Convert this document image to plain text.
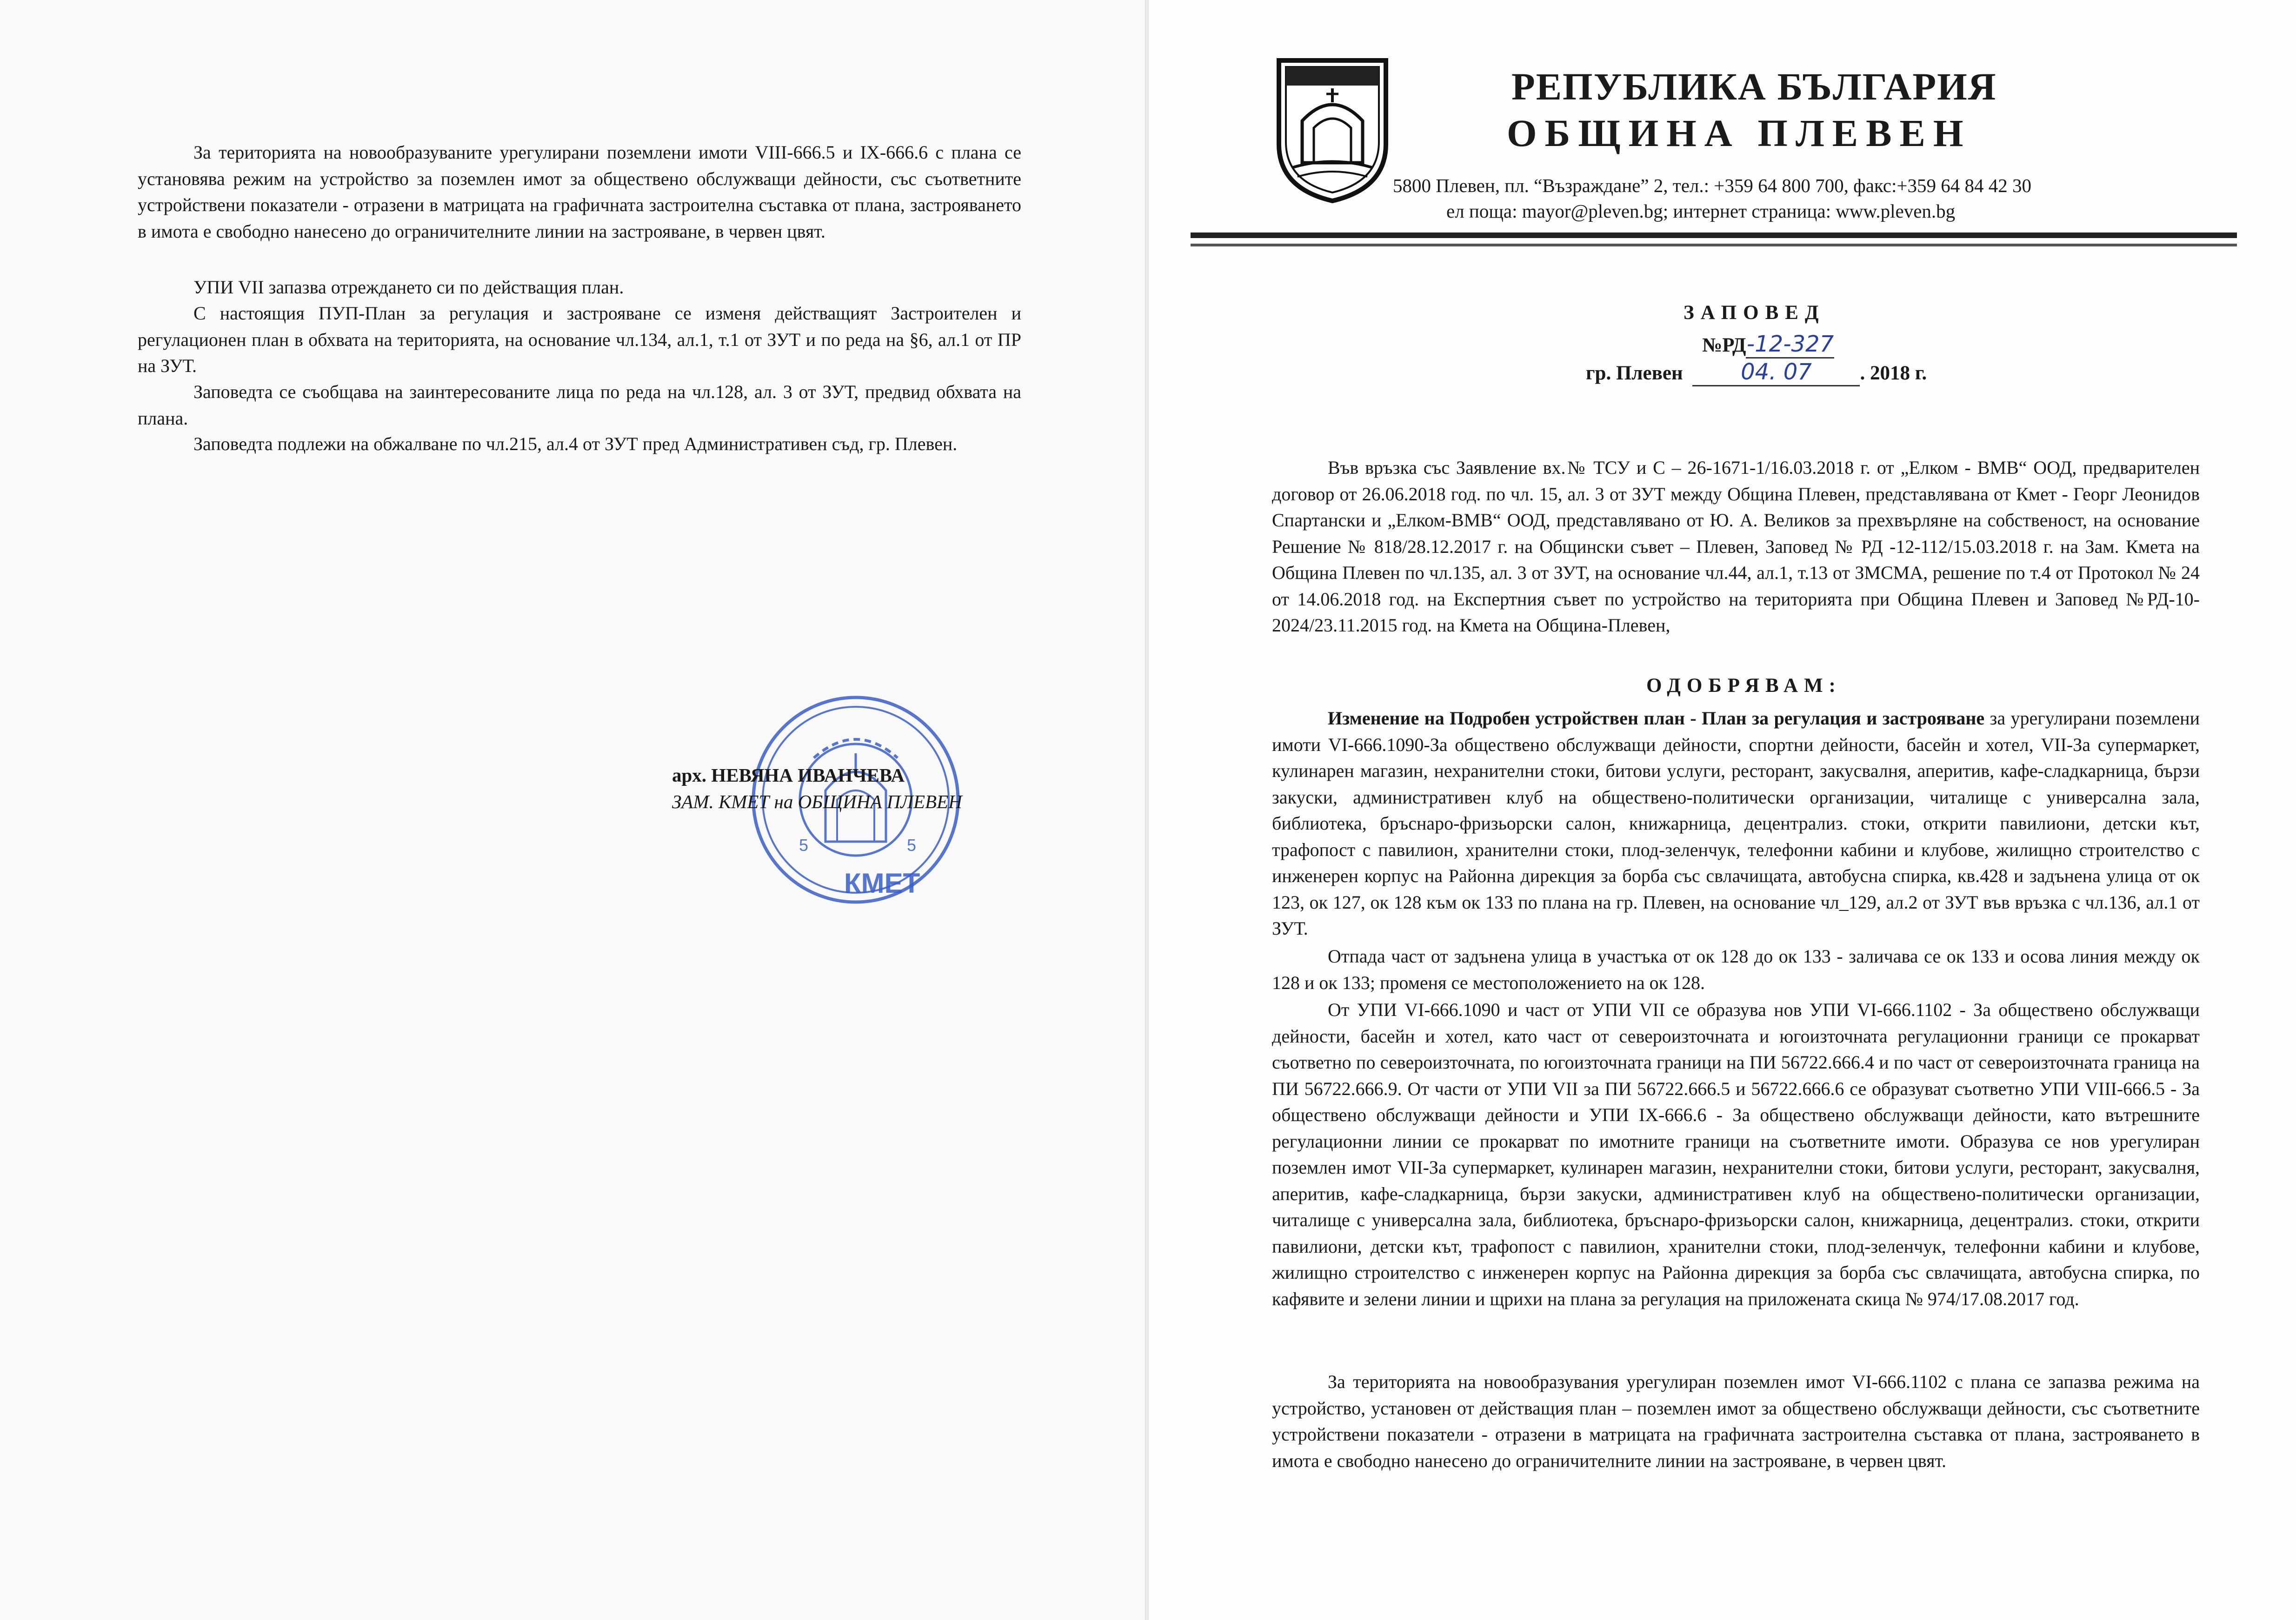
За територията на новообразуваните урегулирани поземлени имоти VIII-666.5 и IX-666.6 с плана се установява режим на устройство за поземлен имот за обществено обслужващи дейности, със съответните устройствени показатели - отразени в матрицата на графичната застроителна съставка от плана, застрояването в имота е свободно нанесено до ограничителните линии на застрояване, в червен цвят.

УПИ VII запазва отреждането си по действащия план.

С настоящия ПУП-План за регулация и застрояване се изменя действащият Застроителен и регулационен план в обхвата на територията, на основание чл.134, ал.1, т.1 от ЗУТ и по реда на §6, ал.1 от ПР на ЗУТ.

Заповедта се съобщава на заинтересованите лица по реда на чл.128, ал. 3 от ЗУТ, предвид обхвата на плана.

Заповедта подлежи на обжалване по чл.215, ал.4 от ЗУТ пред Административен съд, гр. Плевен.

КМЕТ
5	5
арх. НЕВЯНА ИВАНЧЕВА
ЗАМ. КМЕТ на ОБЩИНА ПЛЕВЕН
РЕПУБЛИКА БЪЛГАРИЯ
ОБЩИНА ПЛЕВЕН
5800 Плевен, пл. “Възраждане” 2, тел.: +359 64 800 700, факс:+359 64 84 42 30
ел поща: mayor@pleven.bg; интернет страница: www.pleven.bg
ЗАПОВЕД
№РД-12-327
гр. Плевен	04. 07 . 2018 г.

Във връзка със Заявление вх.№ ТСУ и С – 26-1671-1/16.03.2018 г. от „Елком - ВМВ“ ООД, предварителен договор от 26.06.2018 год. по чл. 15, ал. 3 от ЗУТ между Община Плевен, представлявана от Кмет - Георг Леонидов Спартански и „Елком-ВМВ“ ООД, представлявано от Ю. А. Великов за прехвърляне на собственост, на основание Решение № 818/28.12.2017 г. на Общински съвет – Плевен, Заповед № РД -12-112/15.03.2018 г. на Зам. Кмета на Община Плевен по чл.135, ал. 3 от ЗУТ, на основание чл.44, ал.1, т.13 от ЗМСМА, решение по т.4 от Протокол № 24 от 14.06.2018 год. на Експертния съвет по устройство на територията при Община Плевен и Заповед №РД-10-2024/23.11.2015 год. на Кмета на Община-Плевен,

ОДОБРЯВАМ:

Изменение на Подробен устройствен план - План за регулация и застрояване за урегулирани поземлени имоти VI-666.1090-За обществено обслужващи дейности, спортни дейности, басейн и хотел, VII-За супермаркет, кулинарен магазин, нехранителни стоки, битови услуги, ресторант, закусвалня, аперитив, кафе-сладкарница, бързи закуски, административен клуб на обществено-политически организации, читалище с универсална зала, библиотека, бръснаро-фризьорски салон, книжарница, децентрализ. стоки, открити павилиони, детски кът, трафопост с павилион, хранителни стоки, плод-зеленчук, телефонни кабини и клубове, жилищно строителство с инженерен корпус на Районна дирекция за борба със свлачищата, автобусна спирка, кв.428 и задънена улица от ок 123, ок 127, ок 128 към ок 133 по плана на гр. Плевен, на основание чл_129, ал.2 от ЗУТ във връзка с чл.136, ал.1 от ЗУТ.

Отпада част от задънена улица в участъка от ок 128 до ок 133 - заличава се ок 133 и осова линия между ок 128 и ок 133; променя се местоположението на ок 128.

От УПИ VI-666.1090 и част от УПИ VII се образува нов УПИ VI-666.1102 - За обществено обслужващи дейности, басейн и хотел, като част от североизточната и югоизточната регулационни граници се прокарват съответно по североизточната, по югоизточната граници на ПИ 56722.666.4 и по част от североизточната граница на ПИ 56722.666.9. От части от УПИ VII за ПИ 56722.666.5 и 56722.666.6 се образуват съответно УПИ VIII-666.5 - За обществено обслужващи дейности и УПИ IX-666.6 - За обществено обслужващи дейности, като вътрешните регулационни линии се прокарват по имотните граници на съответните имоти. Образува се нов урегулиран поземлен имот VII-За супермаркет, кулинарен магазин, нехранителни стоки, битови услуги, ресторант, закусвалня, аперитив, кафе-сладкарница, бързи закуски, административен клуб на обществено-политически организации, читалище с универсална зала, библиотека, бръснаро-фризьорски салон, книжарница, децентрализ. стоки, открити павилиони, детски кът, трафопост с павилион, хранителни стоки, плод-зеленчук, телефонни кабини и клубове, жилищно строителство с инженерен корпус на Районна дирекция за борба със свлачищата, автобусна спирка, по кафявите и зелени линии и щрихи на плана за регулация на приложената скица № 974/17.08.2017 год.

За територията на новообразувания урегулиран поземлен имот VI-666.1102 с плана се запазва режима на устройство, установен от действащия план – поземлен имот за обществено обслужващи дейности, със съответните устройствени показатели - отразени в матрицата на графичната застроителна съставка от плана, застрояването в имота е свободно нанесено до ограничителните линии на застрояване, в червен цвят.
